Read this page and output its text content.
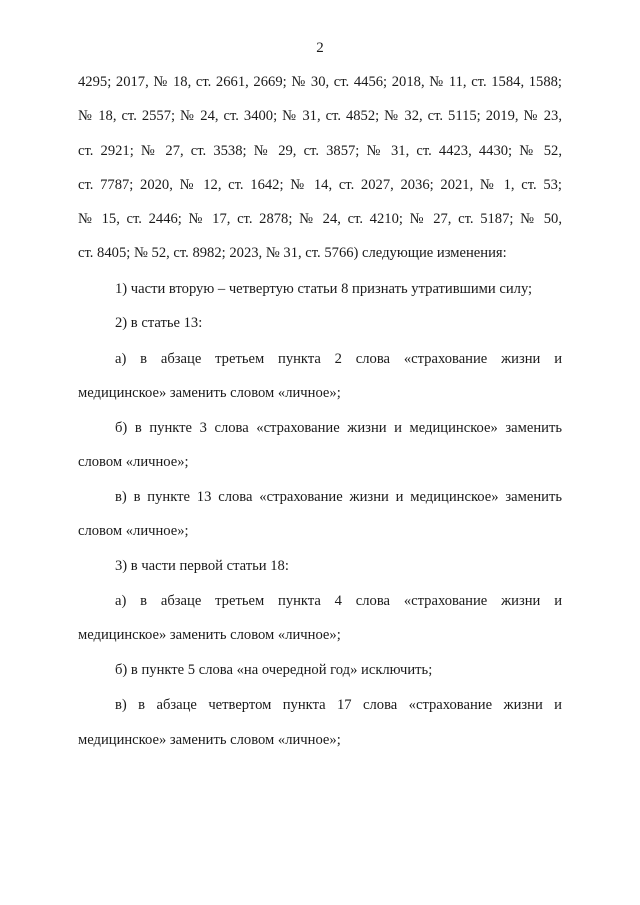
2
4295; 2017, № 18, ст. 2661, 2669; № 30, ст. 4456; 2018, № 11, ст. 1584, 1588;
№ 18, ст. 2557; № 24, ст. 3400; № 31, ст. 4852; № 32, ст. 5115; 2019, № 23,
ст. 2921; № 27, ст. 3538; № 29, ст. 3857; № 31, ст. 4423, 4430; № 52,
ст. 7787; 2020, № 12, ст. 1642; № 14, ст. 2027, 2036; 2021, № 1, ст. 53;
№ 15, ст. 2446; № 17, ст. 2878; № 24, ст. 4210; № 27, ст. 5187; № 50,
ст. 8405; № 52, ст. 8982; 2023, № 31, ст. 5766) следующие изменения:
1) части вторую – четвертую статьи 8 признать утратившими силу;
2) в статье 13:
а) в абзаце третьем пункта 2 слова «страхование жизни и
медицинское» заменить словом «личное»;
б) в пункте 3 слова «страхование жизни и медицинское» заменить
словом «личное»;
в) в пункте 13 слова «страхование жизни и медицинское» заменить
словом «личное»;
3) в части первой статьи 18:
а) в абзаце третьем пункта 4 слова «страхование жизни и
медицинское» заменить словом «личное»;
б) в пункте 5 слова «на очередной год» исключить;
в) в абзаце четвертом пункта 17 слова «страхование жизни и
медицинское» заменить словом «личное»;
